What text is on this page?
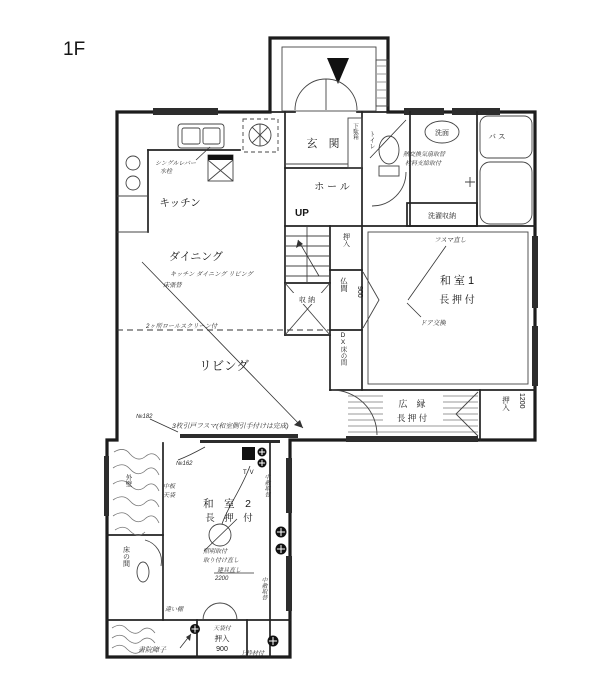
1F
玄　関
下駄箱
ホ ー ル
UP
収 納
押入
仏間 900
DX床の間
和 室 1
長 押 付
フスマ直し
ドア交換
広　縁
長 押 付
押入 1200
キッチン
シングルレバー
水栓
トイレ	洗面
熱交換気扇取替
材料支給取付
洗濯収納
バ ス
ダイニング
リビング
2ヶ所ロールスクリーン付
キッチン ダイニング リビング
床張替
№182
3枚引戸フスマ(和室側引手付けは完成)
外壁
№162
中板
天袋
和　室　2
長　押　付
TV
照明取付
取り付け直し
建具直し
2200
違い棚
床の間
天袋付
押入
900
書院障子
中敷取替
中敷取替
上枠材付
